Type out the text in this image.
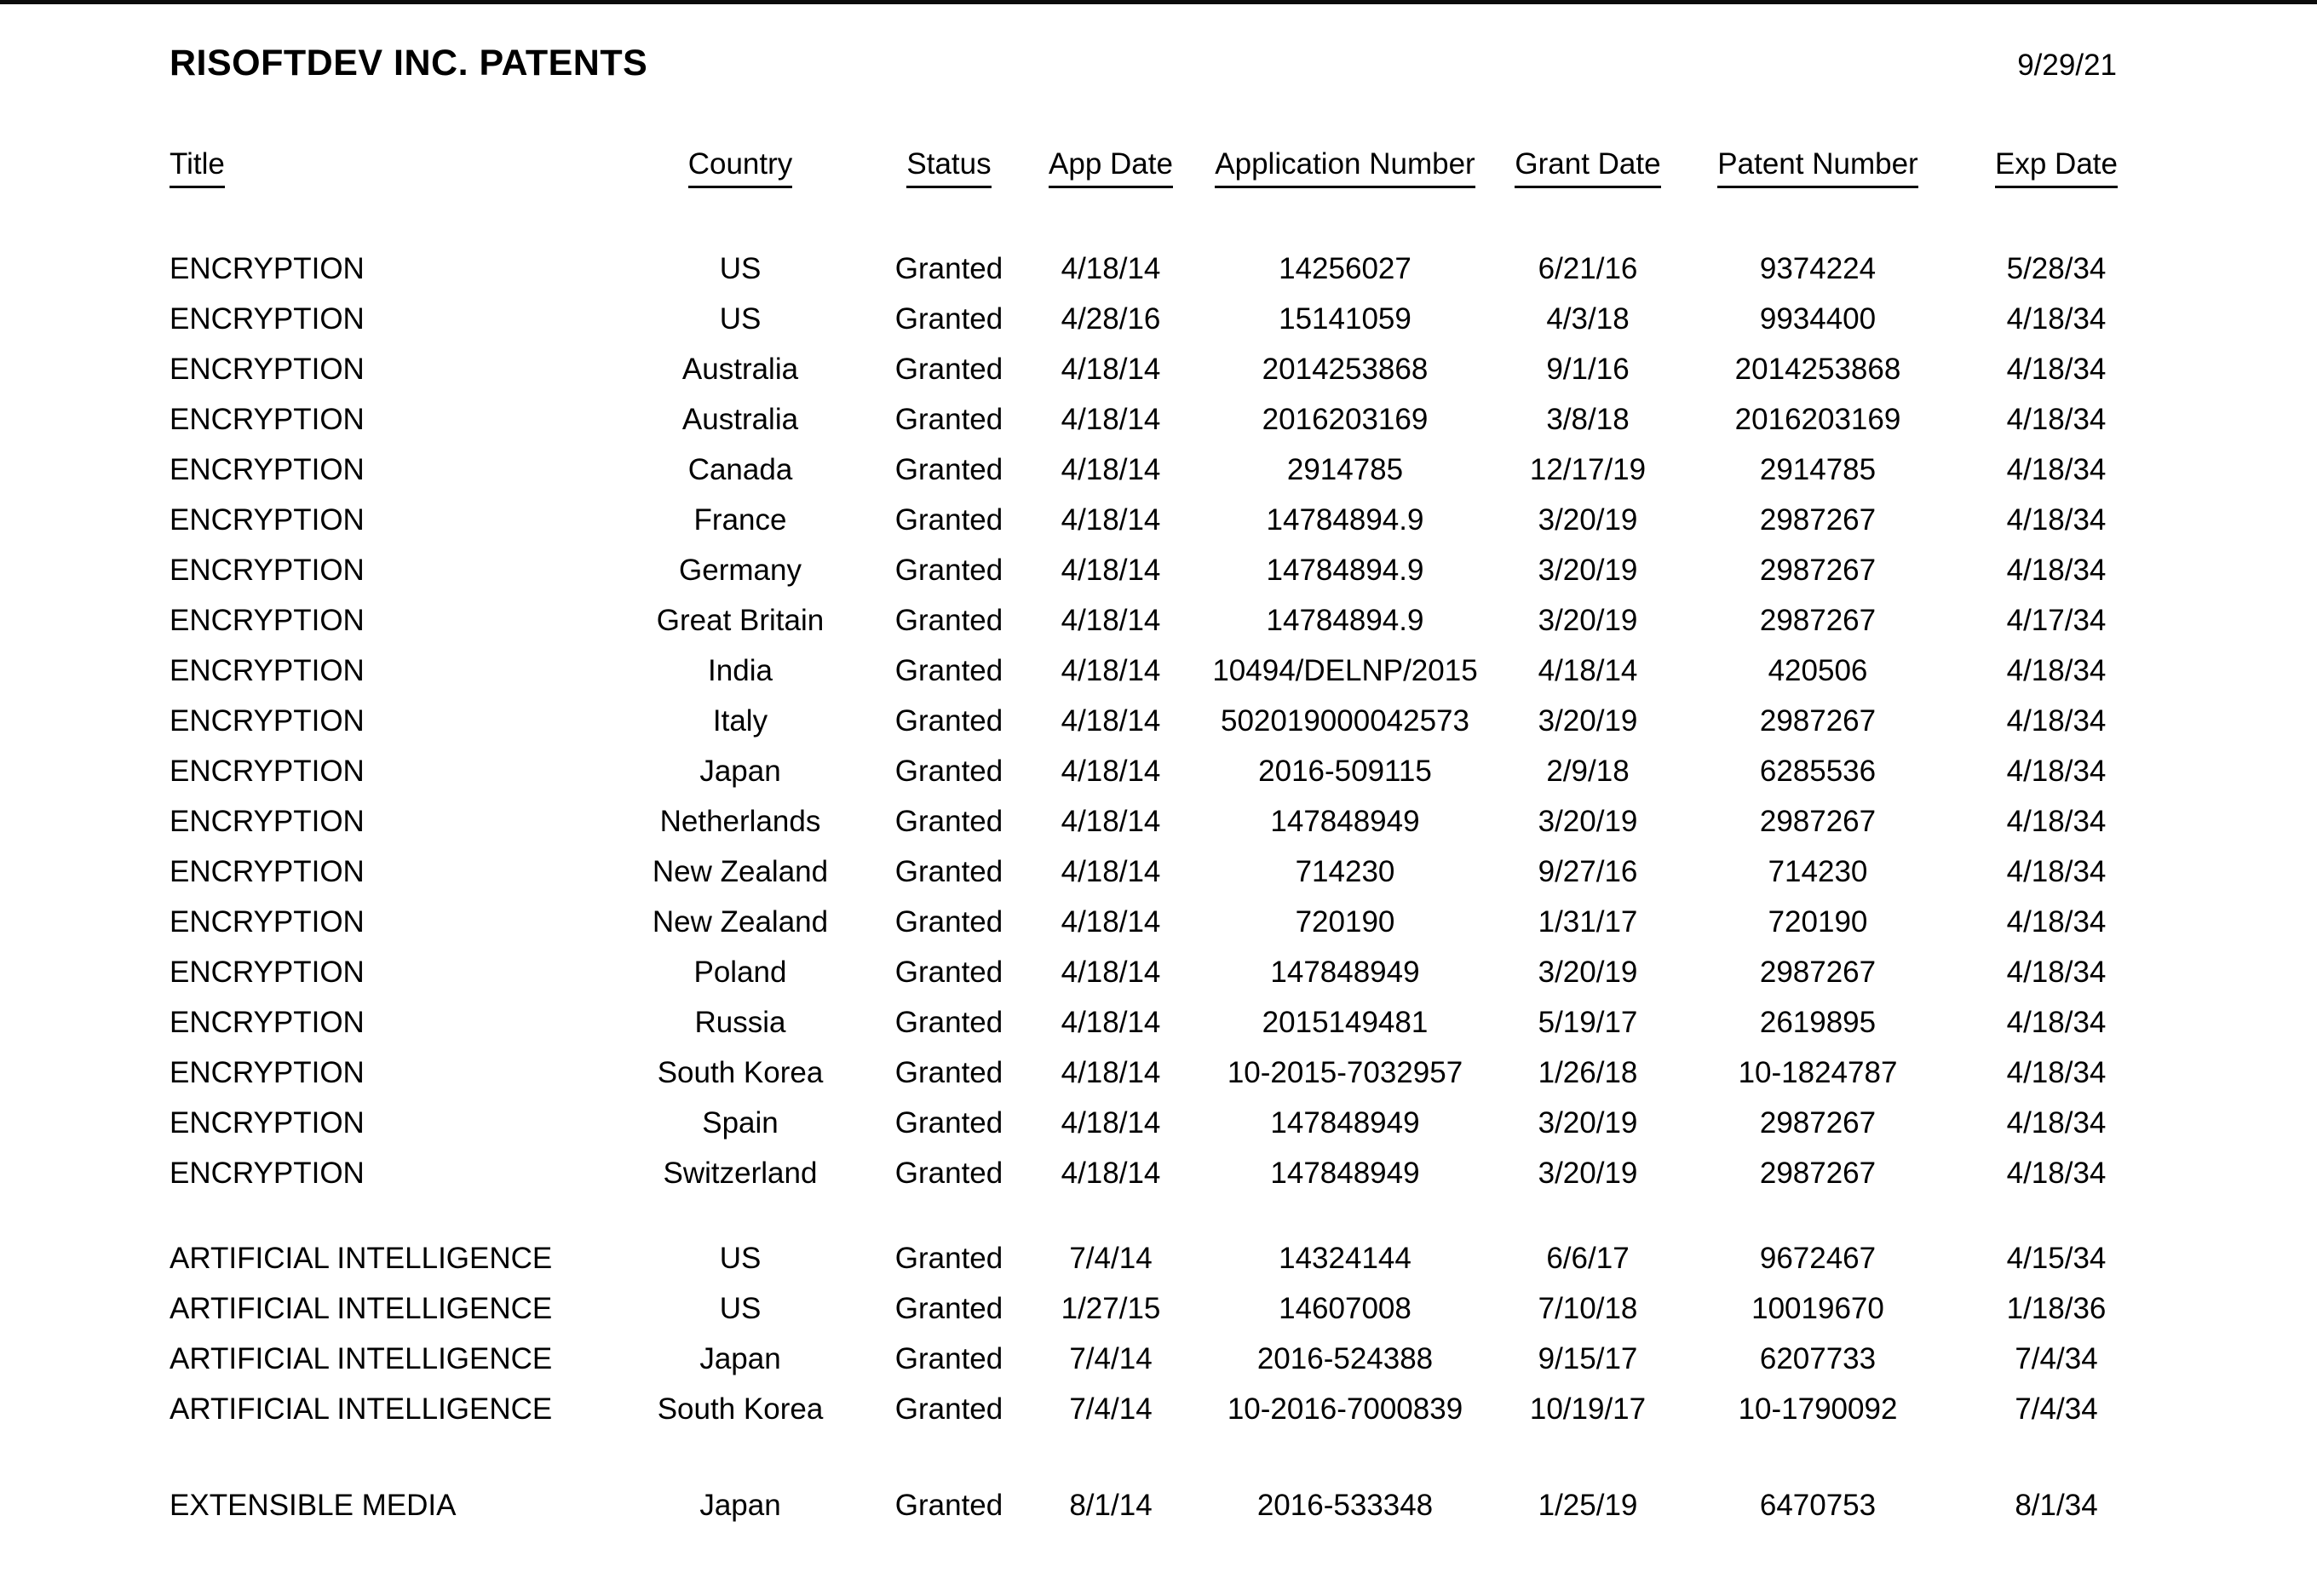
RISOFTDEV INC. PATENTS	9/29/21
Title	Country	Status	App Date	Application Number	Grant Date	Patent Number	Exp Date

ENCRYPTION	US	Granted	4/18/14	14256027	6/21/16	9374224	5/28/34
ENCRYPTION	US	Granted	4/28/16	15141059	4/3/18	9934400	4/18/34
ENCRYPTION	Australia	Granted	4/18/14	2014253868	9/1/16	2014253868	4/18/34
ENCRYPTION	Australia	Granted	4/18/14	2016203169	3/8/18	2016203169	4/18/34
ENCRYPTION	Canada	Granted	4/18/14	2914785	12/17/19	2914785	4/18/34
ENCRYPTION	France	Granted	4/18/14	14784894.9	3/20/19	2987267	4/18/34
ENCRYPTION	Germany	Granted	4/18/14	14784894.9	3/20/19	2987267	4/18/34
ENCRYPTION	Great Britain	Granted	4/18/14	14784894.9	3/20/19	2987267	4/17/34
ENCRYPTION	India	Granted	4/18/14	10494/DELNP/2015	4/18/14	420506	4/18/34
ENCRYPTION	Italy	Granted	4/18/14	502019000042573	3/20/19	2987267	4/18/34
ENCRYPTION	Japan	Granted	4/18/14	2016-509115	2/9/18	6285536	4/18/34
ENCRYPTION	Netherlands	Granted	4/18/14	147848949	3/20/19	2987267	4/18/34
ENCRYPTION	New Zealand	Granted	4/18/14	714230	9/27/16	714230	4/18/34
ENCRYPTION	New Zealand	Granted	4/18/14	720190	1/31/17	720190	4/18/34
ENCRYPTION	Poland	Granted	4/18/14	147848949	3/20/19	2987267	4/18/34
ENCRYPTION	Russia	Granted	4/18/14	2015149481	5/19/17	2619895	4/18/34
ENCRYPTION	South Korea	Granted	4/18/14	10-2015-7032957	1/26/18	10-1824787	4/18/34
ENCRYPTION	Spain	Granted	4/18/14	147848949	3/20/19	2987267	4/18/34
ENCRYPTION	Switzerland	Granted	4/18/14	147848949	3/20/19	2987267	4/18/34

ARTIFICIAL INTELLIGENCE	US	Granted	7/4/14	14324144	6/6/17	9672467	4/15/34
ARTIFICIAL INTELLIGENCE	US	Granted	1/27/15	14607008	7/10/18	10019670	1/18/36
ARTIFICIAL INTELLIGENCE	Japan	Granted	7/4/14	2016-524388	9/15/17	6207733	7/4/34
ARTIFICIAL INTELLIGENCE	South Korea	Granted	7/4/14	10-2016-7000839	10/19/17	10-1790092	7/4/34

EXTENSIBLE MEDIA	Japan	Granted	8/1/14	2016-533348	1/25/19	6470753	8/1/34
